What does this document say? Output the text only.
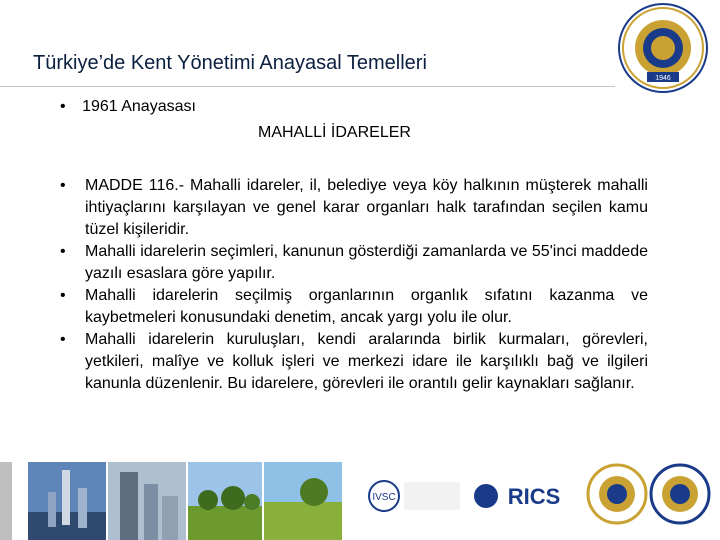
Türkiye’de Kent Yönetimi Anayasal Temelleri
1946
• 1961 Anayasası
MAHALLİ İDARELER

• MADDE 116.- Mahalli idareler, il, belediye veya köy halkının müşterek mahalli ihtiyaçlarını karşılayan ve genel karar organları halk tarafından seçilen kamu tüzel kişileridir.

• Mahalli idarelerin seçimleri, kanunun gösterdiği zamanlarda ve 55'inci maddede yazılı esaslara göre yapılır.

• Mahalli idarelerin seçilmiş organlarının organlık sıfatını kazanma ve kaybetmeleri konusundaki denetim, ancak yargı yolu ile olur.

• Mahalli idarelerin kuruluşları, kendi aralarında birlik kurmaları, görevleri, yetkileri, malîye ve kolluk işleri ve merkezi idare ile karşılıklı bağ ve ilgileri kanunla düzenlenir. Bu idarelere, görevleri ile orantılı gelir kaynakları sağlanır.

IVSC	RICS
